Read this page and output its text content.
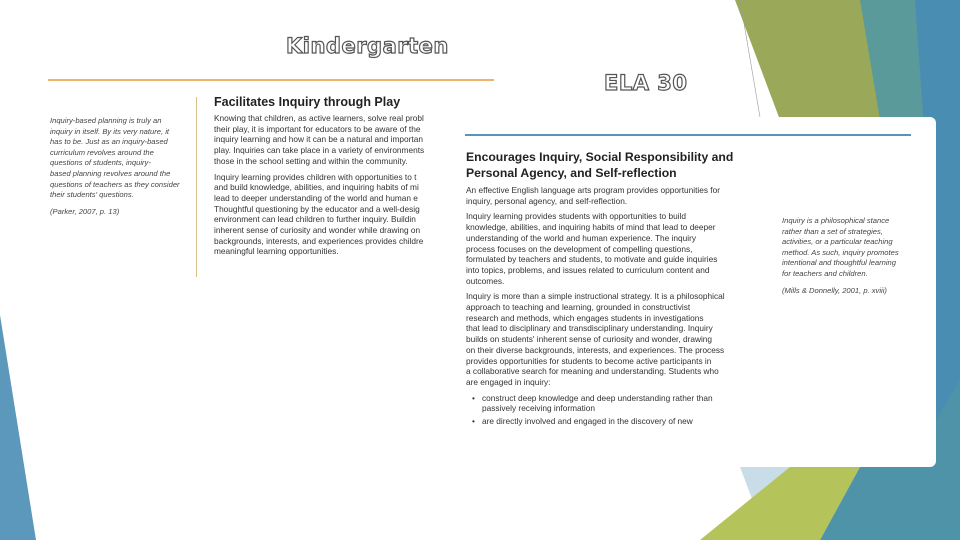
Kindergarten
Inquiry-based planning is truly an
inquiry in itself. By its very nature, it
has to be. Just as an inquiry-based
curriculum revolves around the
questions of students, inquiry-
based planning revolves around the
questions of teachers as they consider
their students' questions.
(Parker, 2007, p. 13)
Facilitates Inquiry through Play
Knowing that children, as active learners, solve real probl
their play, it is important for educators to be aware of the
inquiry learning and how it can be a natural and importan
play. Inquiries can take place in a variety of environments
those in the school setting and within the community.
Inquiry learning provides children with opportunities to t
and build knowledge, abilities, and inquiring habits of mi
lead to deeper understanding of the world and human e
Thoughtful questioning by the educator and a well-desig
environment can lead children to further inquiry. Buildin
inherent sense of curiosity and wonder while drawing on
backgrounds, interests, and experiences provides childre
meaningful learning opportunities.
ELA 30
Encourages Inquiry, Social Responsibility and
Personal Agency, and Self-reflection
An effective English language arts program provides opportunities for
inquiry, personal agency, and self-reflection.
Inquiry learning provides students with opportunities to build
knowledge, abilities, and inquiring habits of mind that lead to deeper
understanding of the world and human experience. The inquiry
process focuses on the development of compelling questions,
formulated by teachers and students, to motivate and guide inquiries
into topics, problems, and issues related to curriculum content and
outcomes.
Inquiry is more than a simple instructional strategy. It is a philosophical
approach to teaching and learning, grounded in constructivist
research and methods, which engages students in investigations
that lead to disciplinary and transdisciplinary understanding. Inquiry
builds on students' inherent sense of curiosity and wonder, drawing
on their diverse backgrounds, interests, and experiences. The process
provides opportunities for students to become active participants in
a collaborative search for meaning and understanding. Students who
are engaged in inquiry:
• construct deep knowledge and deep understanding rather than
passively receiving information
• are directly involved and engaged in the discovery of new
Inquiry is a philosophical stance
rather than a set of strategies,
activities, or a particular teaching
method. As such, inquiry promotes
intentional and thoughtful learning
for teachers and children.
(Mills & Donnelly, 2001, p. xviii)
